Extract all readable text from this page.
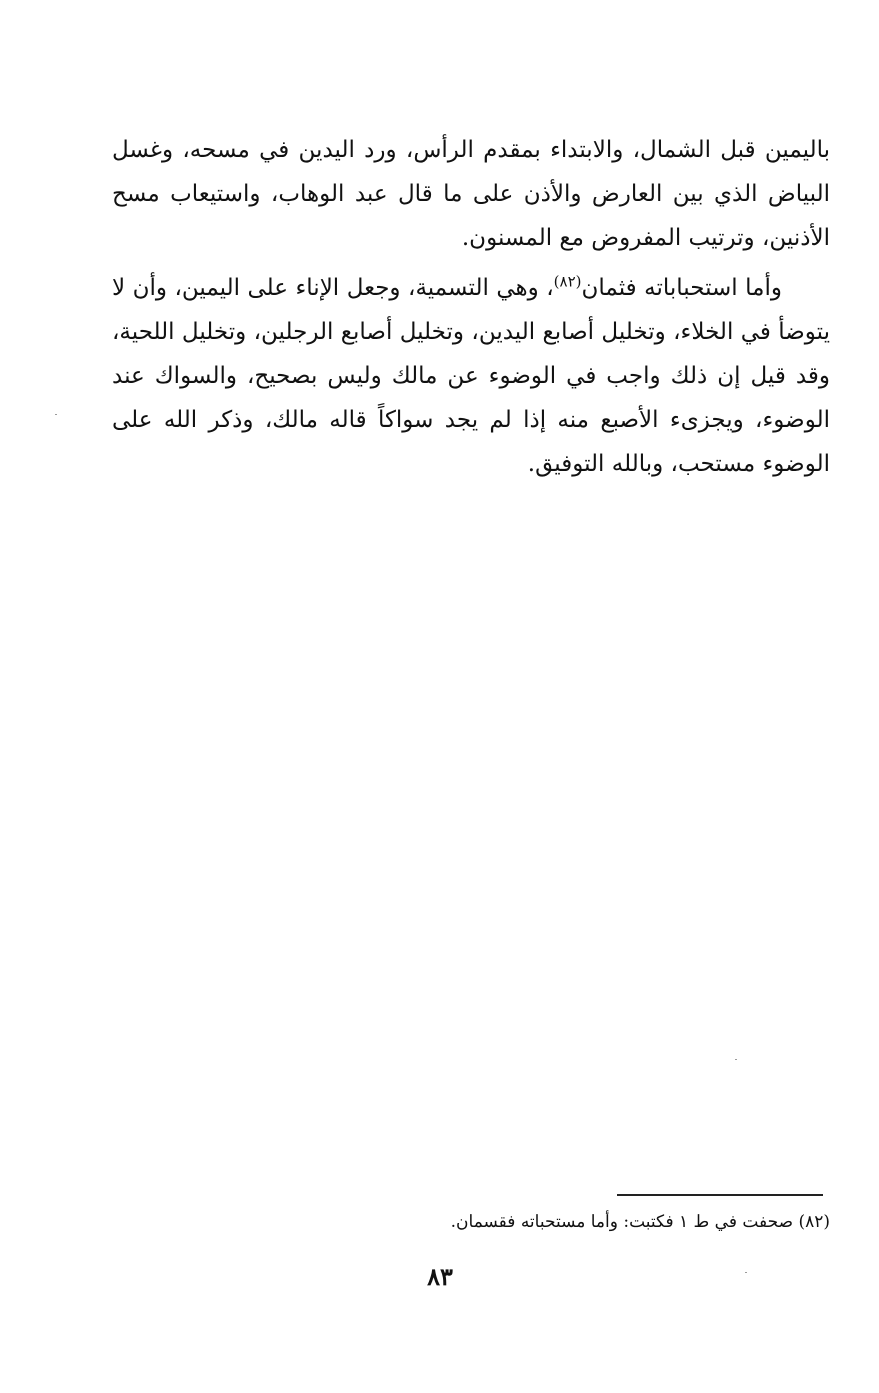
باليمين قبل الشمال، والابتداء بمقدم الرأس، ورد اليدين في مسحه، وغسل البياض الذي بين العارض والأذن على ما قال عبد الوهاب، واستيعاب مسح الأذنين، وترتيب المفروض مع المسنون.

وأما استحباباته فثمان$^{(٨٢)}$، وهي التسمية، وجعل الإناء على اليمين، وأن لا يتوضأ في الخلاء، وتخليل أصابع اليدين، وتخليل أصابع الرجلين، وتخليل اللحية، وقد قيل إن ذلك واجب في الوضوء عن مالك وليس بصحيح، والسواك عند الوضوء، ويجزىء الأصبع منه إذا لم يجد سواكاً قاله مالك، وذكر الله على الوضوء مستحب، وبالله التوفيق.

(٨٢) صحفت في ط ١ فكتبت: وأما مستحباته فقسمان.
٨٣
